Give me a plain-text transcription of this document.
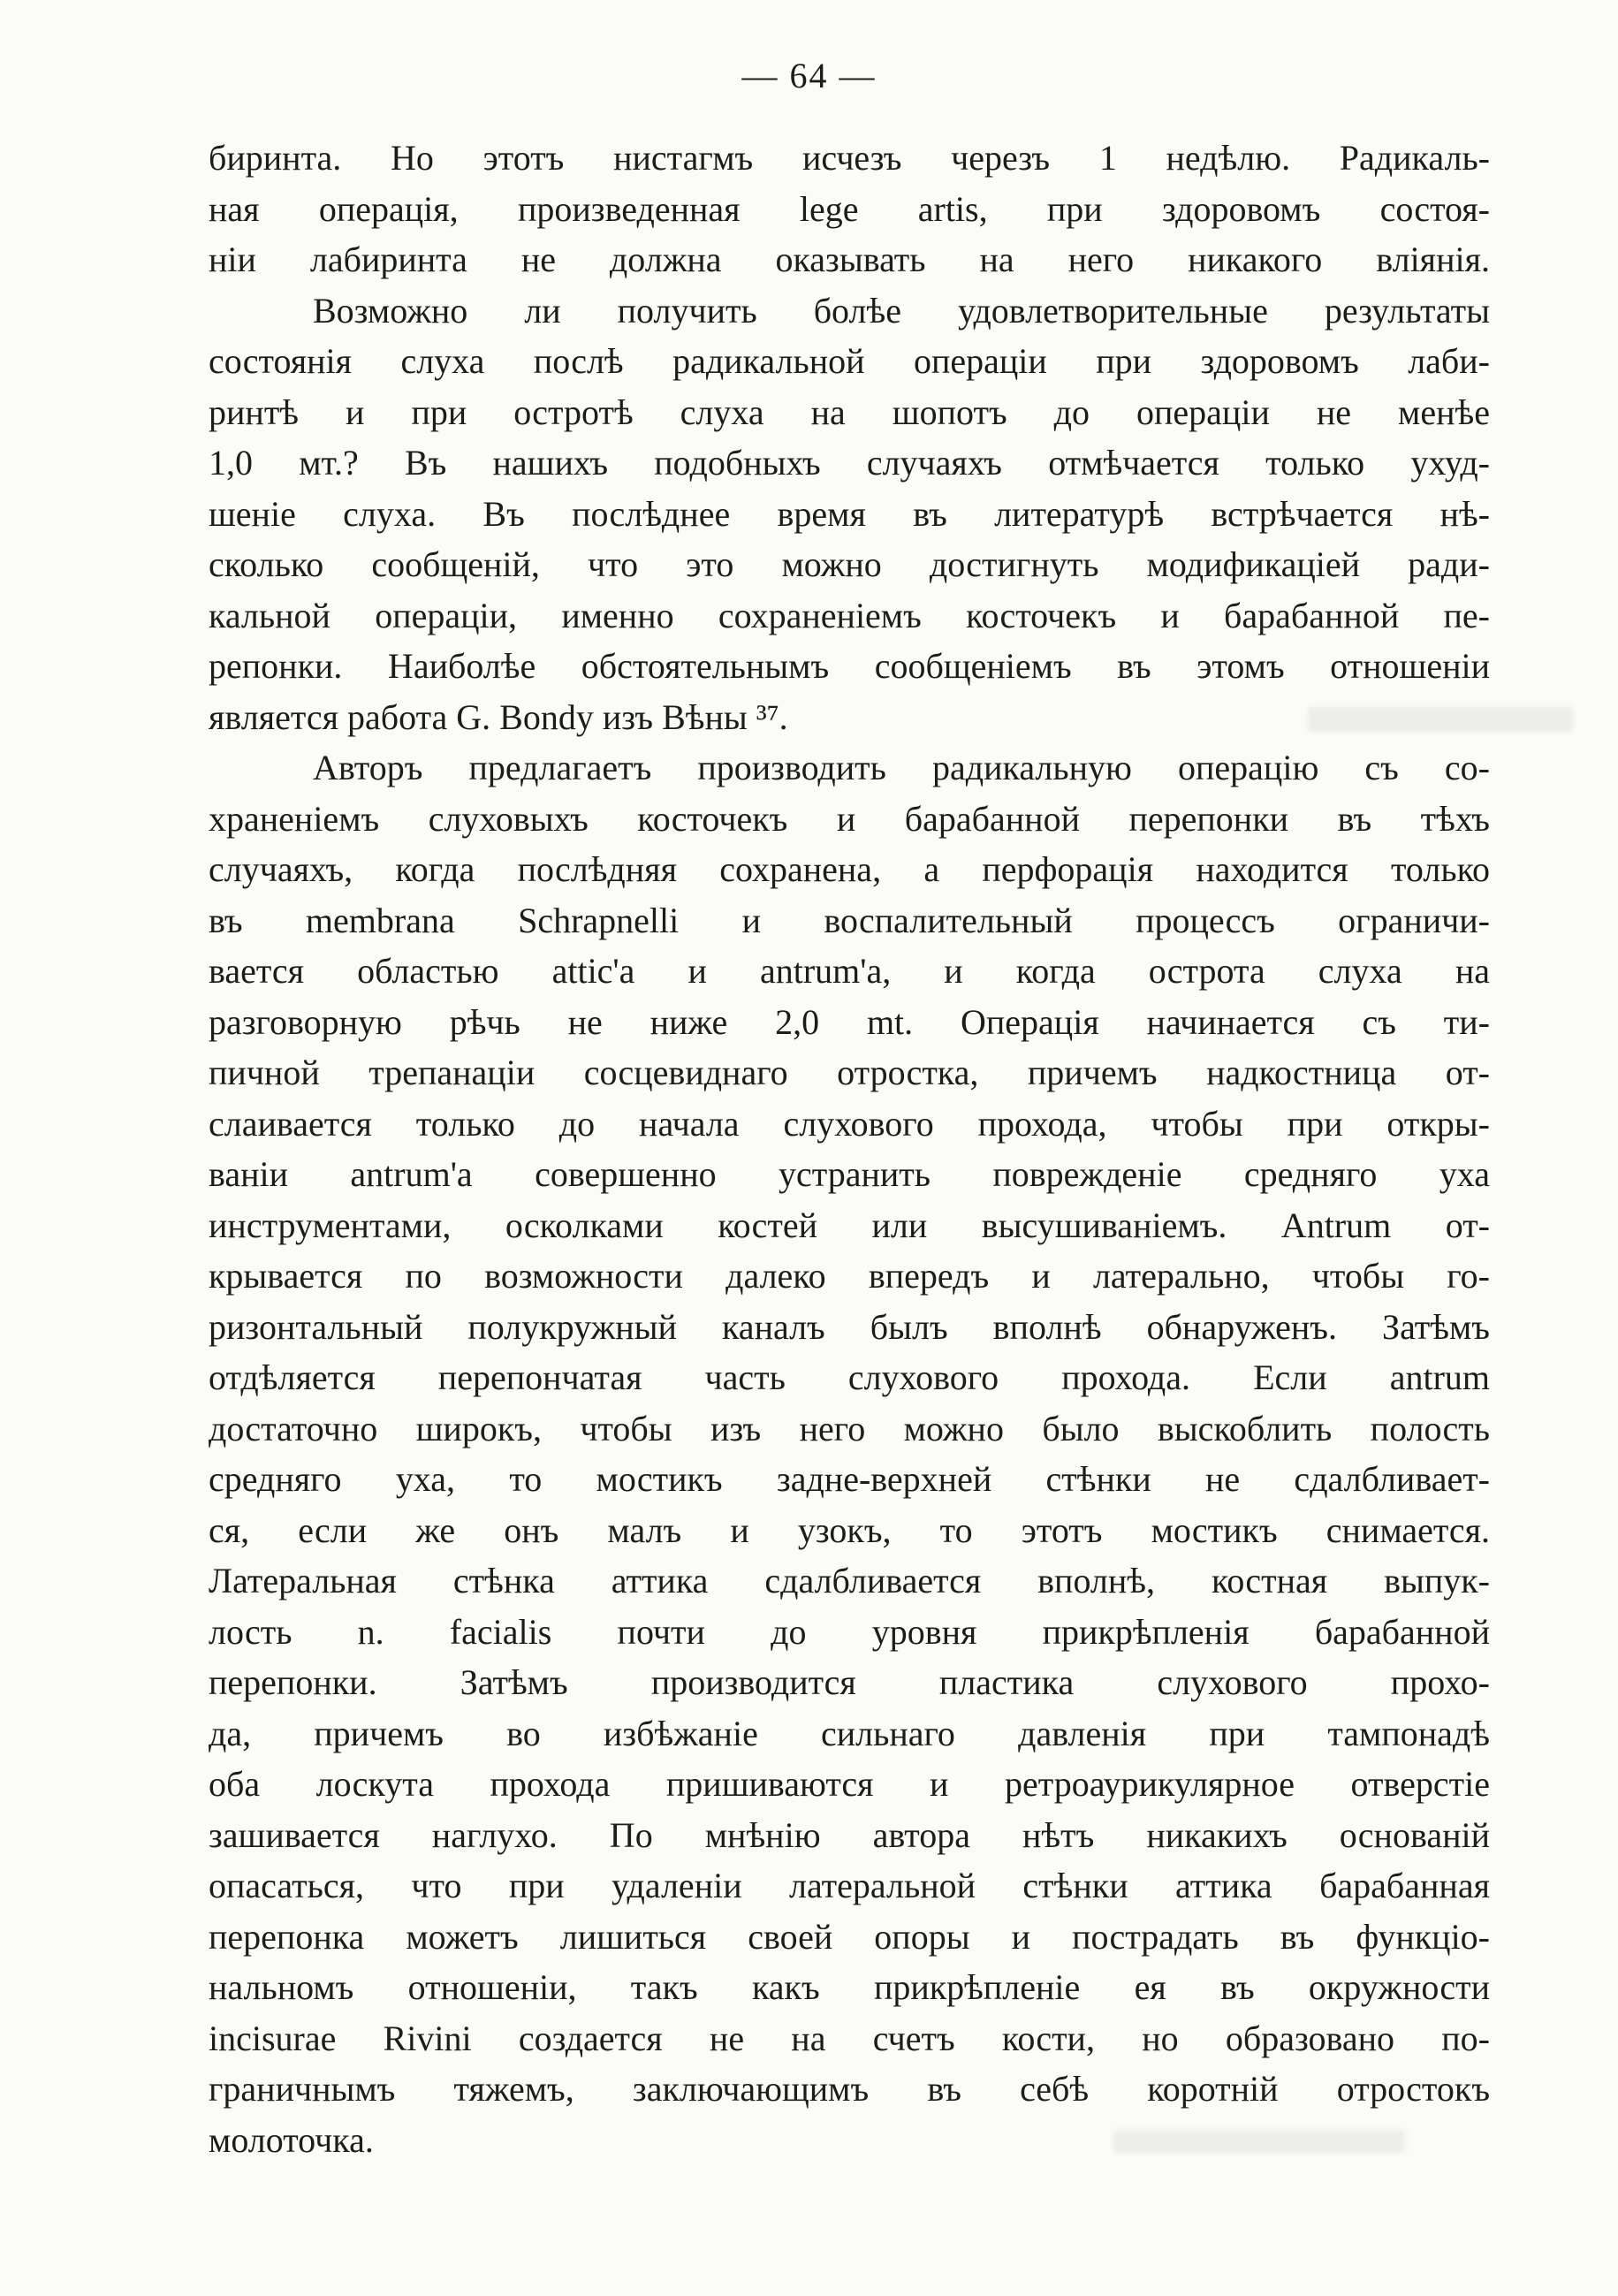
— 64 —

биринта. Но этотъ нистагмъ исчезъ черезъ 1 недѣлю. Радикаль-
ная операція, произведенная lege artis, при здоровомъ состоя-
ніи лабиринта не должна оказывать на него никакого вліянія.

Возможно ли получить болѣе удовлетворительные результаты
состоянія слуха послѣ радикальной операціи при здоровомъ лаби-
ринтѣ и при остротѣ слуха на шопотъ до операціи не менѣе
1,0 мт.? Въ нашихъ подобныхъ случаяхъ отмѣчается только ухуд-
шеніе слуха. Въ послѣднее время въ литературѣ встрѣчается нѣ-
сколько сообщеній, что это можно достигнуть модификаціей ради-
кальной операціи, именно сохраненіемъ косточекъ и барабанной пе-
репонки. Наиболѣе обстоятельнымъ сообщеніемъ въ этомъ отношеніи
является работа G. Bondy изъ Вѣны ³⁷.

Авторъ предлагаетъ производить радикальную операцію съ со-
храненіемъ слуховыхъ косточекъ и барабанной перепонки въ тѣхъ
случаяхъ, когда послѣдняя сохранена, а перфорація находится только
въ membrana Schrapnelli и воспалительный процессъ ограничи-
вается областью attic'а и antrum'а, и когда острота слуха на
разговорную рѣчь не ниже 2,0 mt. Операція начинается съ ти-
пичной трепанаціи сосцевиднаго отростка, причемъ надкостница от-
слаивается только до начала слухового прохода, чтобы при откры-
ваніи antrum'а совершенно устранить поврежденіе средняго уха
инструментами, осколками костей или высушиваніемъ. Antrum от-
крывается по возможности далеко впередъ и латерально, чтобы го-
ризонтальный полукружный каналъ былъ вполнѣ обнаруженъ. Затѣмъ
отдѣляется перепончатая часть слухового прохода. Если antrum
достаточно широкъ, чтобы изъ него можно было выскоблить полость
средняго уха, то мостикъ задне-верхней стѣнки не сдалбливает-
ся, если же онъ малъ и узокъ, то этотъ мостикъ снимается.
Латеральная стѣнка аттика сдалбливается вполнѣ, костная выпук-
лость n. facialis почти до уровня прикрѣпленія барабанной
перепонки. Затѣмъ производится пластика слухового прохо-
да, причемъ во избѣжаніе сильнаго давленія при тампонадѣ
оба лоскута прохода пришиваются и ретроаурикулярное отверстіе
зашивается наглухо. По мнѣнію автора нѣтъ никакихъ основаній
опасаться, что при удаленіи латеральной стѣнки аттика барабанная
перепонка можетъ лишиться своей опоры и пострадать въ функціо-
нальномъ отношеніи, такъ какъ прикрѣпленіе ея въ окружности
incisurae Rivini создается не на счетъ кости, но образовано по-
граничнымъ тяжемъ, заключающимъ въ себѣ коротній отростокъ
молоточка.
